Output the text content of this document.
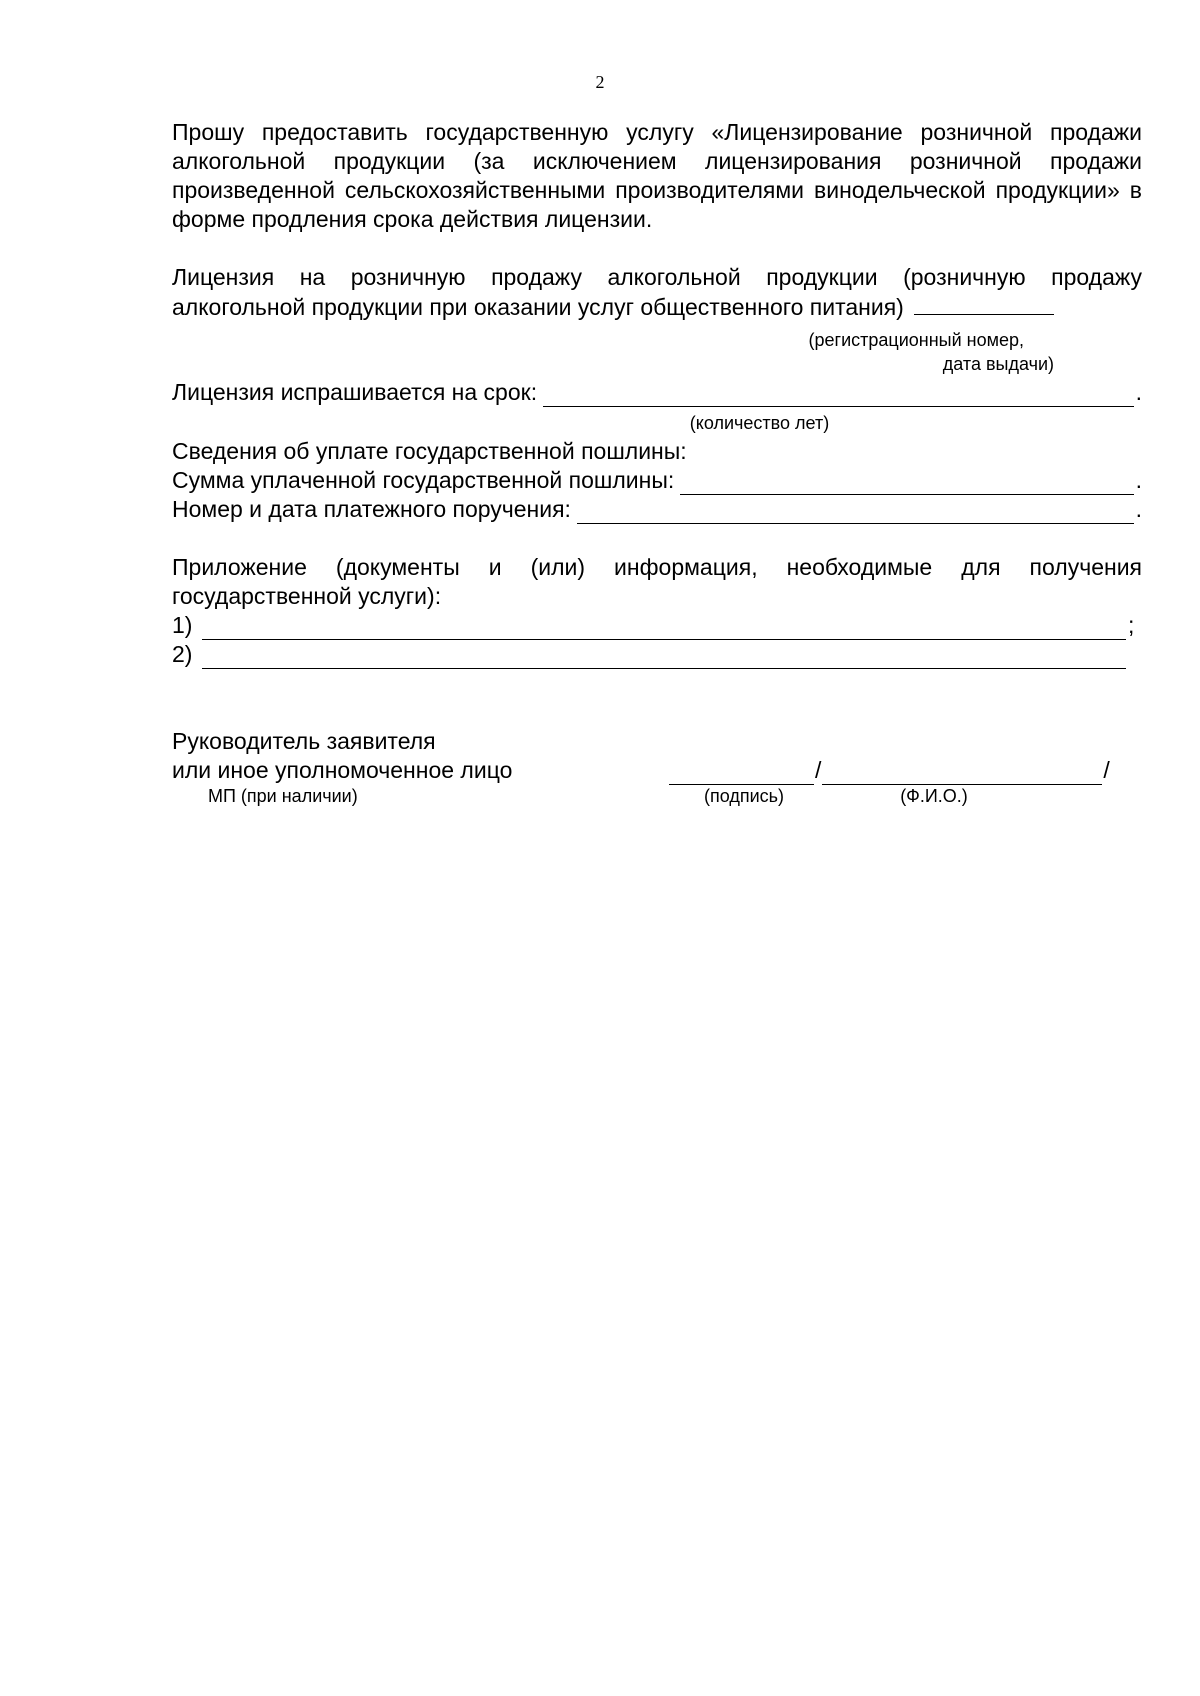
2

Прошу предоставить государственную услугу «Лицензирование розничной продажи алкогольной продукции (за исключением лицензирования розничной продажи произведенной сельскохозяйственными производителями винодельческой продукции» в форме продления срока действия лицензии.

Лицензия на розничную продажу алкогольной продукции (розничную продажу алкогольной продукции при оказании услуг общественного питания)
(регистрационный номер,
дата выдачи)
Лицензия испрашивается на срок:	.
(количество лет)
Сведения об уплате государственной пошлины:
Сумма уплаченной государственной пошлины:	.
Номер и дата платежного поручения:	.
Приложение (документы и (или) информация, необходимые для получения государственной услуги):
1)	;
2)
Руководитель заявителя
или иное уполномоченное лицо	/	/
МП (при наличии)	(подпись)	(Ф.И.О.)
